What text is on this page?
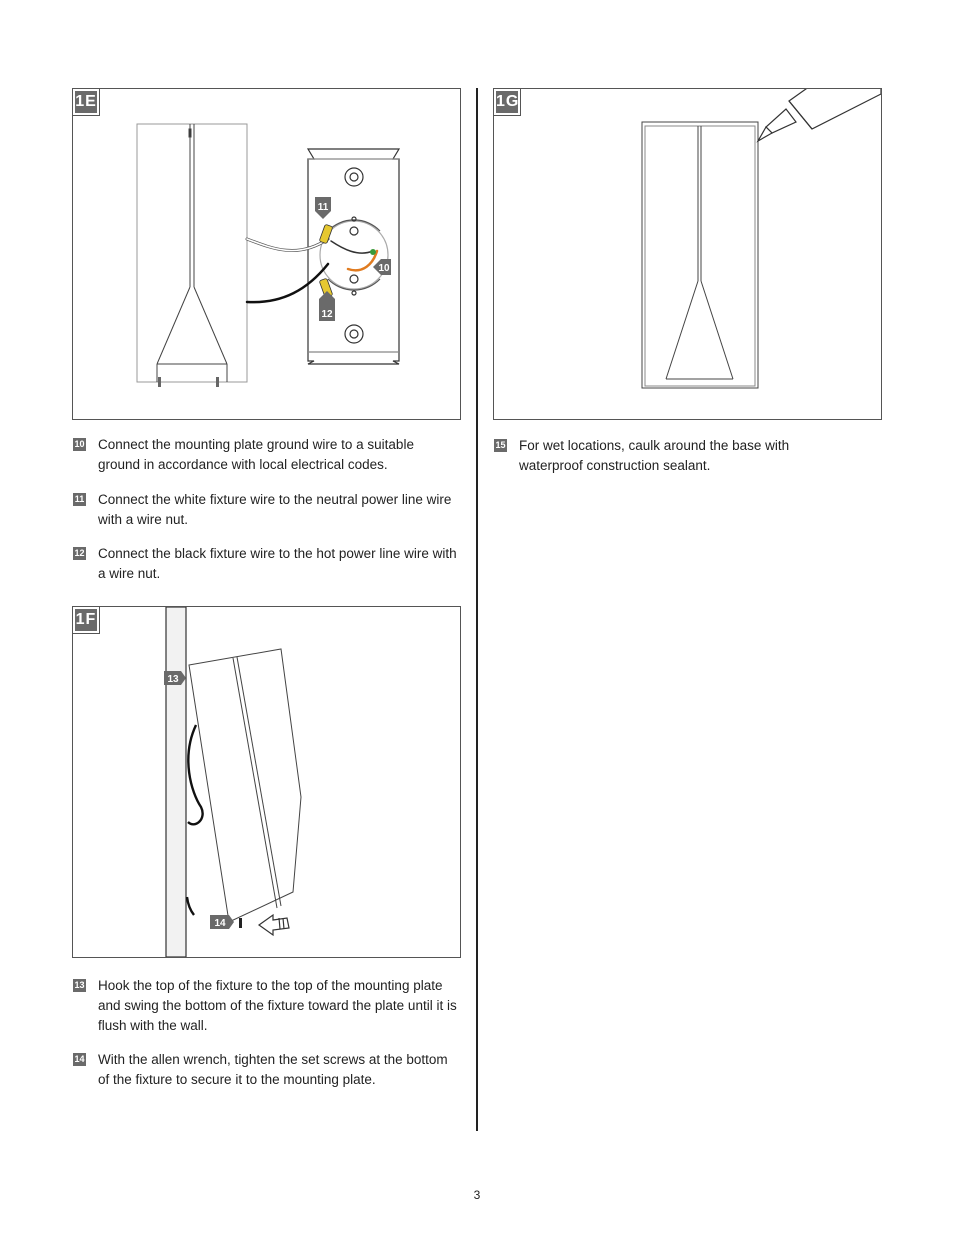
1E
11
12
10
1G
10 Connect the mounting plate ground wire to a suitable ground in accordance with local electrical codes.
11 Connect the white fixture wire to the neutral power line wire with a wire nut.
12 Connect the black fixture wire to the hot power line wire with a wire nut.
15 For wet locations, caulk around the base with waterproof construction sealant.
1F
13
14
13 Hook the top of the fixture to the top of the mounting plate and swing the bottom of the fixture toward the plate until it is flush with the wall.
14 With the allen wrench, tighten the set screws at the bottom of the fixture to secure it to the mounting plate.
3
